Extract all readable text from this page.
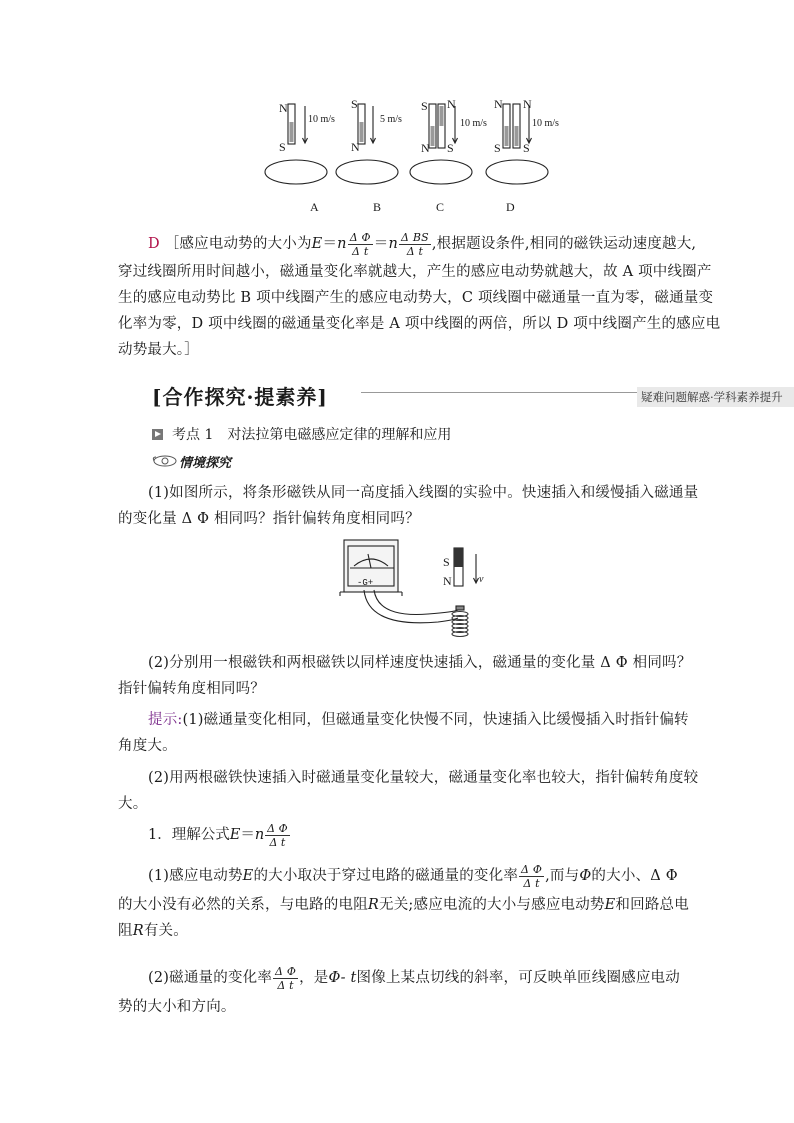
N
S
10 m/s
S
N
5 m/s
S
N
N
S
10 m/s
N
S
N
S
10 m/s
A	B	C	D
D ［感应电动势的大小为$E=n \frac{\text{Δ Φ}}{\text{Δ t}} =n \frac{\text{Δ BS}}{\text{Δ t}}$ ,根据题设条件,相同的磁铁运动速度越大,
穿过线圈所用时间越小，磁通量变化率就越大，产生的感应电动势就越大，故 A 项中线圈产
生的感应电动势比 B 项中线圈产生的感应电动势大，C 项线圈中磁通量一直为零，磁通量变
化率为零，D 项中线圈的磁通量变化率是 A 项中线圈的两倍，所以 D 项中线圈产生的感应电
动势最大。］
[合作探究·提素养]	疑难问题解惑·学科素养提升
考点 1　对法拉第电磁感应定律的理解和应用
情境探究
(1)如图所示，将条形磁铁从同一高度插入线圈的实验中。快速插入和缓慢插入磁通量
的变化量 Δ Φ 相同吗？指针偏转角度相同吗？
-G+
S
N	v
(2)分别用一根磁铁和两根磁铁以同样速度快速插入，磁通量的变化量 Δ Φ 相同吗？
指针偏转角度相同吗？
提示:(1)磁通量变化相同，但磁通量变化快慢不同，快速插入比缓慢插入时指针偏转
角度大。
(2)用两根磁铁快速插入时磁通量变化量较大，磁通量变化率也较大，指针偏转角度较
大。
1．理解公式$E=n \frac{\text{Δ Φ}}{\text{Δ t}}$
(1)感应电动势E的大小取决于穿过电路的磁通量的变化率 $\frac{\text{Δ Φ}}{\text{Δ t}}$ ,而与Φ的大小、Δ Φ
的大小没有必然的关系，与电路的电阻R无关;感应电流的大小与感应电动势E和回路总电
阻R有关。
(2)磁通量的变化率 $\frac{\text{Δ Φ}}{\text{Δ t}}$ ，是Φ- t图像上某点切线的斜率，可反映单匝线圈感应电动
势的大小和方向。
